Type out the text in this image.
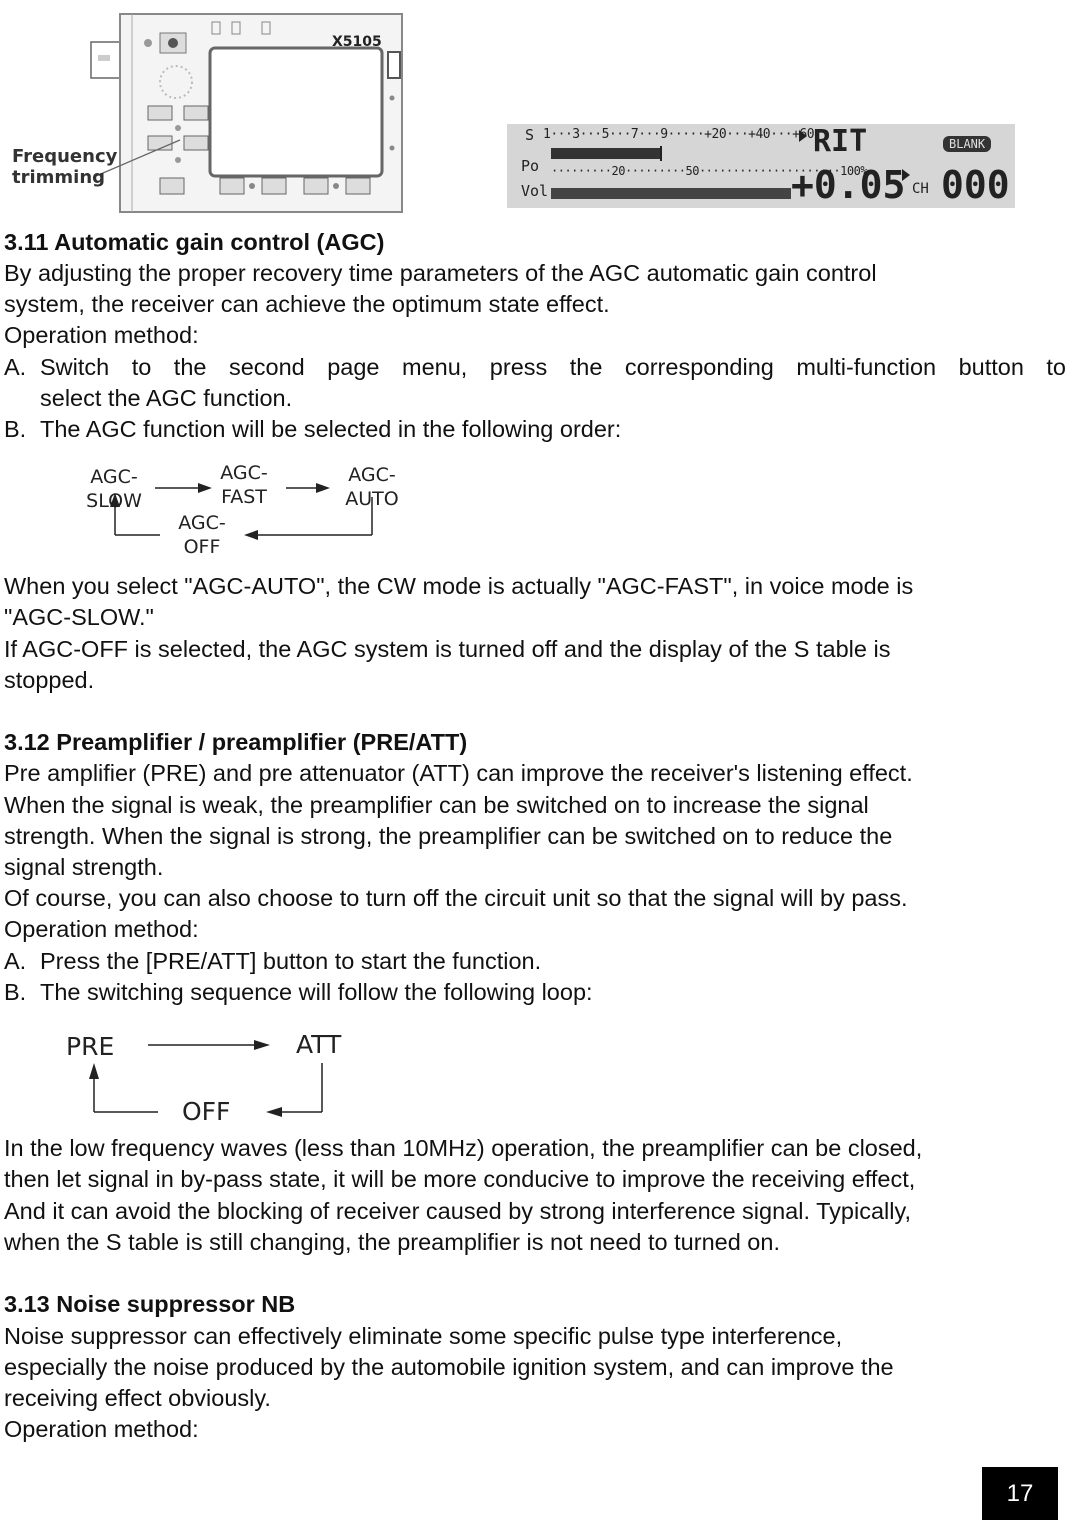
X5105
Frequency
trimming
S 1···3···5···7···9·····+20···+40···+60
Po ·········20·········50·····················100%
Vol
RIT	BLANK
+0.05 CH 000
3.11 Automatic gain control (AGC)
By adjusting the proper recovery time parameters of the AGC automatic gain control
system, the receiver can achieve the optimum state effect.
Operation method:
A. Switch to the second page menu, press the corresponding multi-function button to
select the AGC function.
B. The AGC function will be selected in the following order:
AGC-
SLOW
AGC-
FAST
AGC-
AUTO
AGC-
OFF
When you select "AGC-AUTO", the CW mode is actually "AGC-FAST", in voice mode is
"AGC-SLOW."
If AGC-OFF is selected, the AGC system is turned off and the display of the S table is
stopped.
3.12 Preamplifier / preamplifier (PRE/ATT)
Pre amplifier (PRE) and pre attenuator (ATT) can improve the receiver's listening effect.
When the signal is weak, the preamplifier can be switched on to increase the signal
strength. When the signal is strong, the preamplifier can be switched on to reduce the
signal strength.
Of course, you can also choose to turn off the circuit unit so that the signal will by pass.
Operation method:
A. Press the [PRE/ATT] button to start the function.
B. The switching sequence will follow the following loop:
PRE	ATT
OFF
In the low frequency waves (less than 10MHz) operation, the preamplifier can be closed,
then let signal in by-pass state, it will be more conducive to improve the receiving effect,
And it can avoid the blocking of receiver caused by strong interference signal. Typically,
when the S table is still changing, the preamplifier is not need to turned on.
3.13 Noise suppressor NB
Noise suppressor can effectively eliminate some specific pulse type interference,
especially the noise produced by the automobile ignition system, and can improve the
receiving effect obviously.
Operation method:
17
